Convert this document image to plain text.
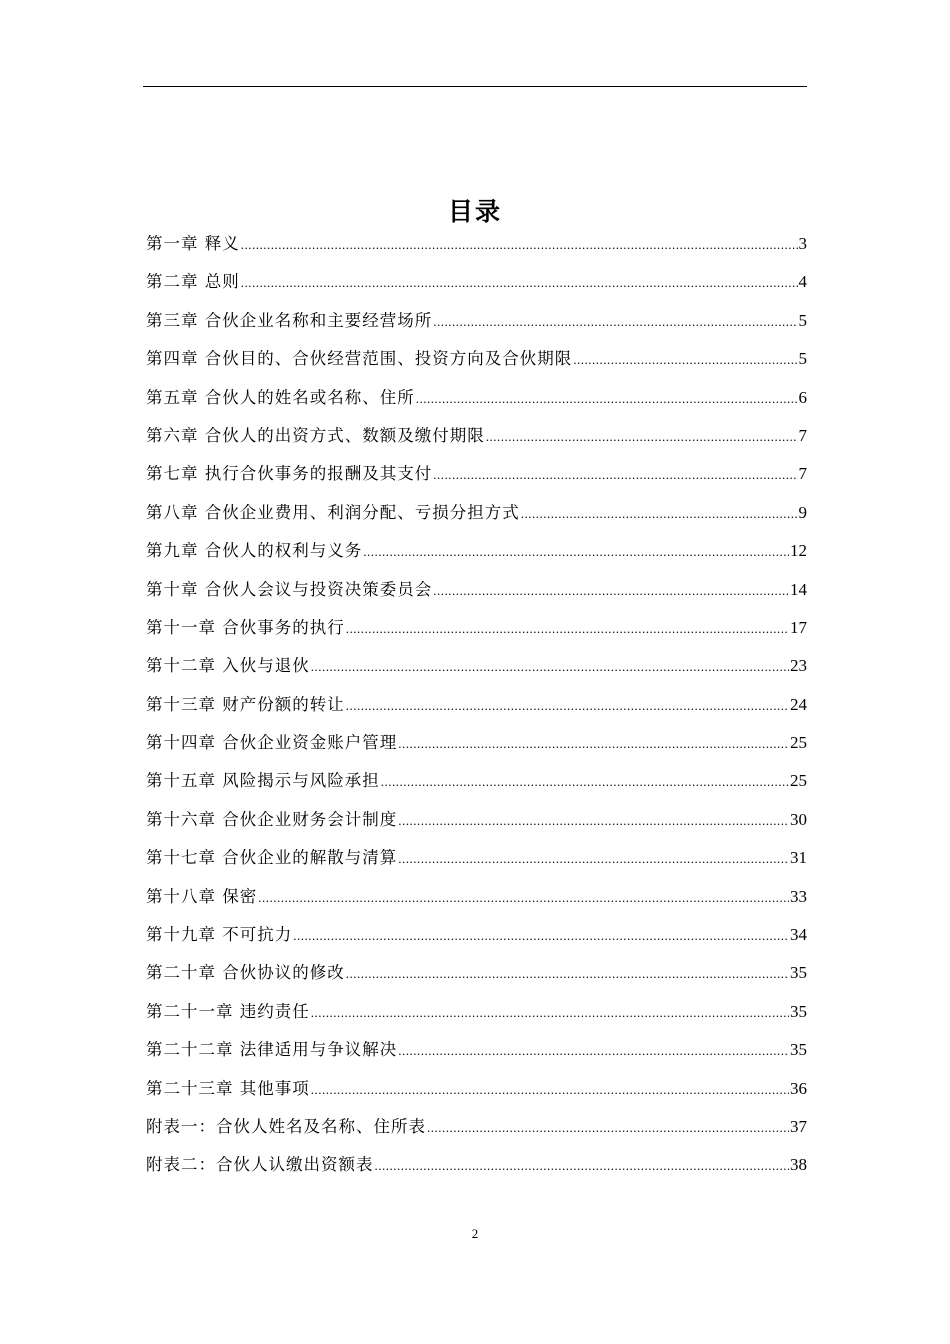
目录
第一章 释义 .....	3
第二章 总则 .....	4
第三章 合伙企业名称和主要经营场所 .....	5
第四章 合伙目的、合伙经营范围、投资方向及合伙期限 .....	5
第五章 合伙人的姓名或名称、住所 .....	6
第六章 合伙人的出资方式、数额及缴付期限 .....	7
第七章 执行合伙事务的报酬及其支付 .....	7
第八章 合伙企业费用、利润分配、亏损分担方式 .....	9
第九章 合伙人的权利与义务 .....	12
第十章 合伙人会议与投资决策委员会 .....	14
第十一章 合伙事务的执行 .....	17
第十二章 入伙与退伙 .....	23
第十三章 财产份额的转让 .....	24
第十四章 合伙企业资金账户管理 .....	25
第十五章 风险揭示与风险承担 .....	25
第十六章 合伙企业财务会计制度 .....	30
第十七章 合伙企业的解散与清算 .....	31
第十八章 保密 .....	33
第十九章 不可抗力 .....	34
第二十章 合伙协议的修改 .....	35
第二十一章 违约责任 .....	35
第二十二章 法律适用与争议解决 .....	35
第二十三章 其他事项 .....	36
附表一：合伙人姓名及名称、住所表 .....	37
附表二：合伙人认缴出资额表 .....	38
2
